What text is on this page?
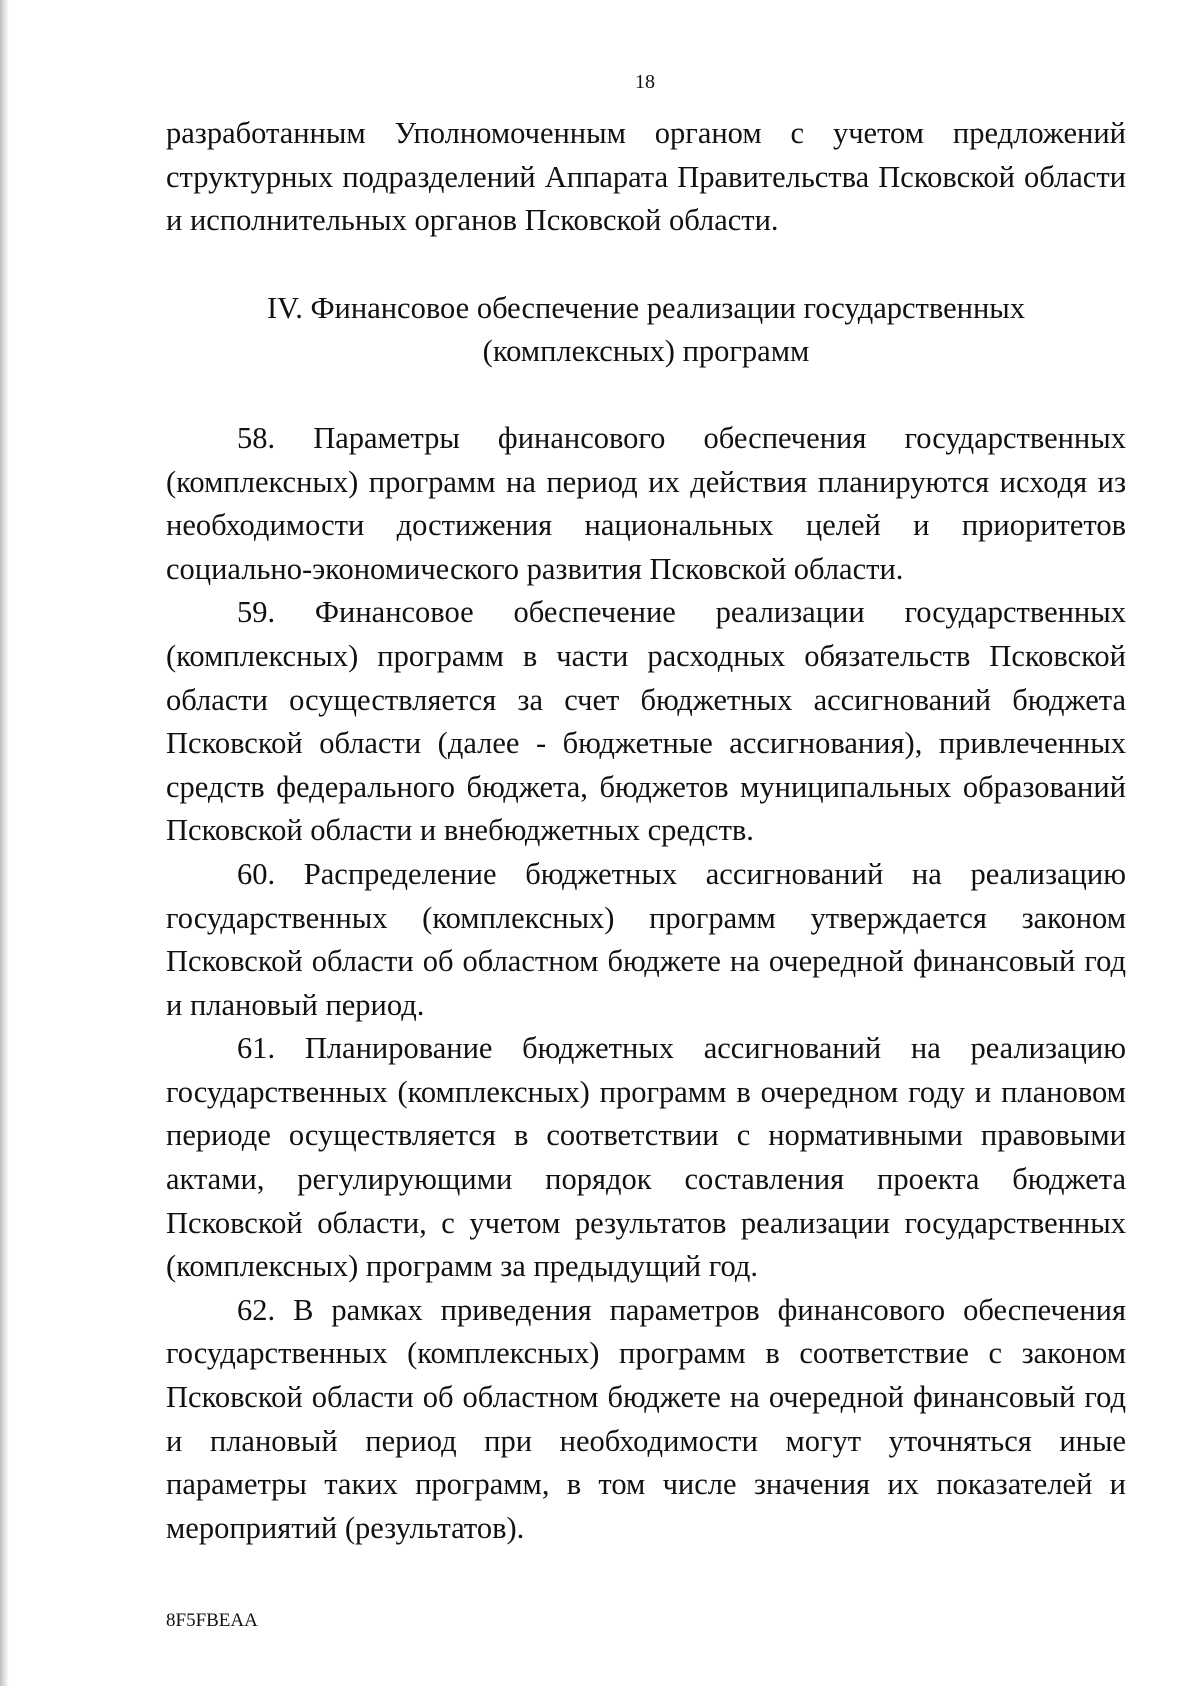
18

разработанным Уполномоченным органом с учетом предложений структурных подразделений Аппарата Правительства Псковской области и исполнительных органов Псковской области.

IV. Финансовое обеспечение реализации государственных
(комплексных) программ

58. Параметры финансового обеспечения государственных (комплексных) программ на период их действия планируются исходя из необходимости достижения национальных целей и приоритетов социально-экономического развития Псковской области.

59. Финансовое обеспечение реализации государственных (комплексных) программ в части расходных обязательств Псковской области осуществляется за счет бюджетных ассигнований бюджета Псковской области (далее - бюджетные ассигнования), привлеченных средств федерального бюджета, бюджетов муниципальных образований Псковской области и внебюджетных средств.

60. Распределение бюджетных ассигнований на реализацию государственных (комплексных) программ утверждается законом Псковской области об областном бюджете на очередной финансовый год и плановый период.

61. Планирование бюджетных ассигнований на реализацию государственных (комплексных) программ в очередном году и плановом периоде осуществляется в соответствии с нормативными правовыми актами, регулирующими порядок составления проекта бюджета Псковской области, с учетом результатов реализации государственных (комплексных) программ за предыдущий год.

62. В рамках приведения параметров финансового обеспечения государственных (комплексных) программ в соответствие с законом Псковской области об областном бюджете на очередной финансовый год и плановый период при необходимости могут уточняться иные параметры таких программ, в том числе значения их показателей и мероприятий (результатов).

8F5FBEAA
